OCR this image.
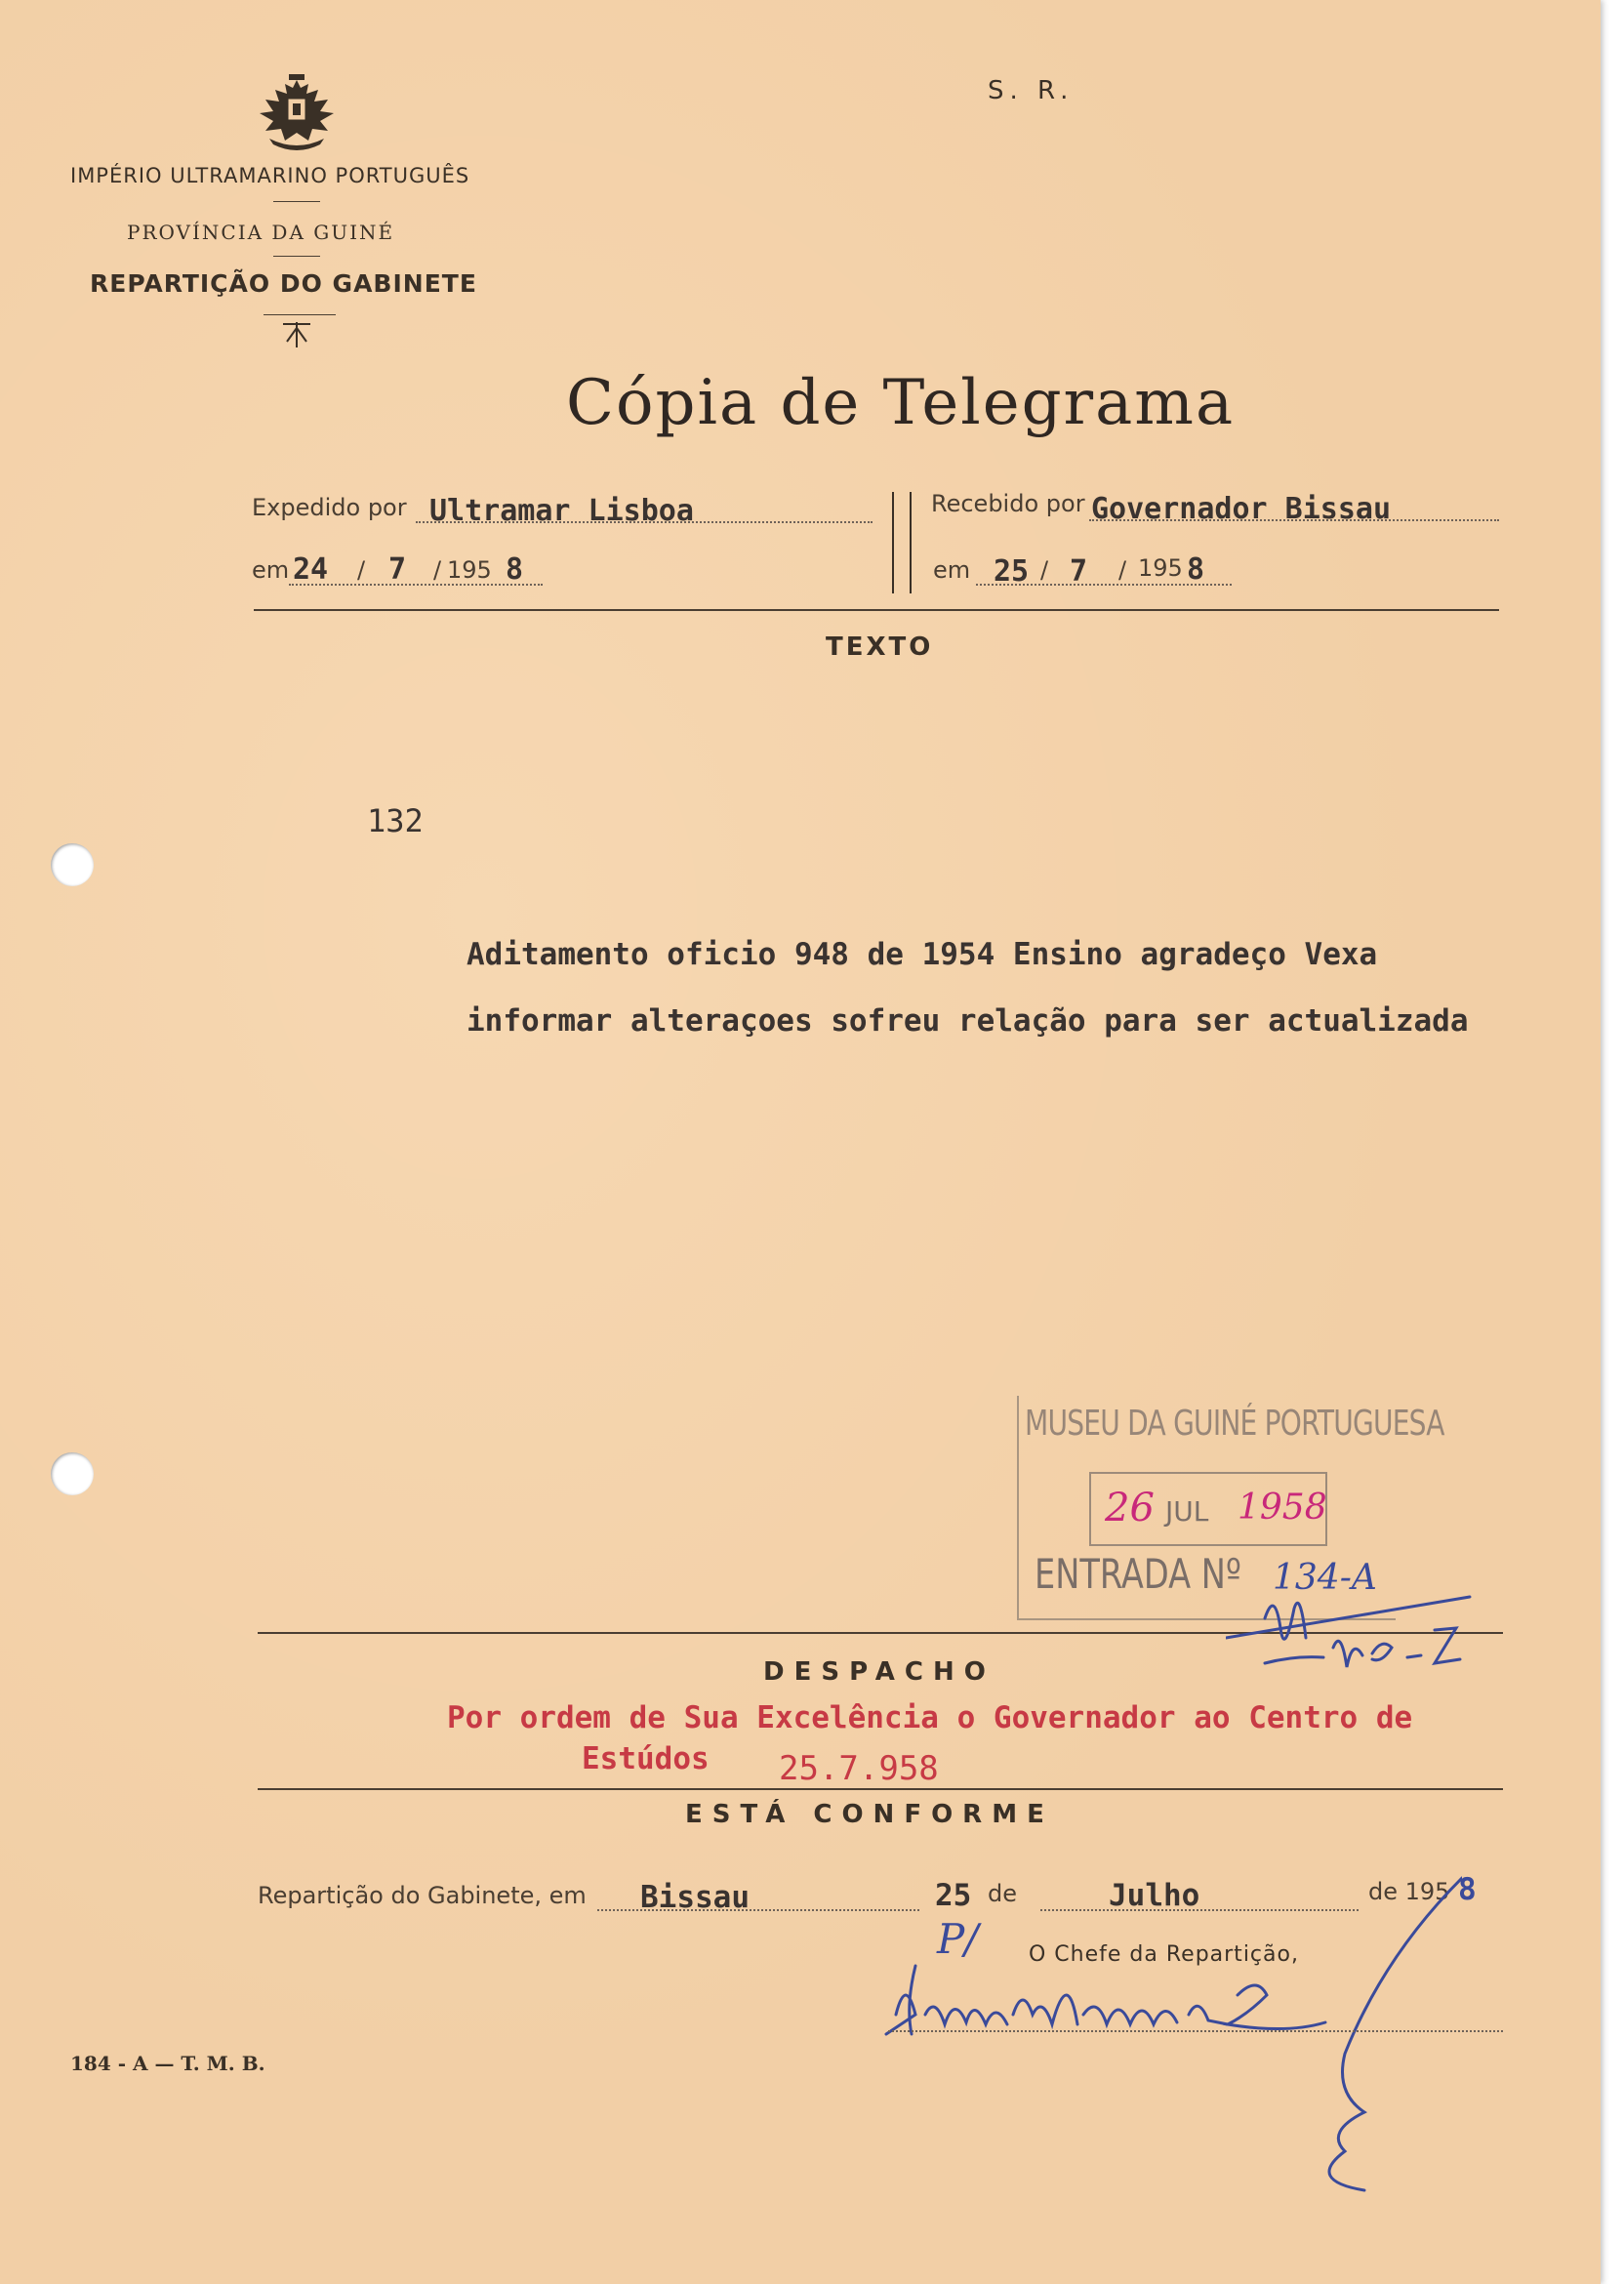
S. R.
IMPÉRIO ULTRAMARINO PORTUGUÊS
PROVÍNCIA DA GUINÉ
REPARTIÇÃO DO GABINETE
Cópia de Telegrama
Expedido por Ultramar Lisboa
em 24 / 7 / 195 8
Recebido por Governador Bissau
em 25 / 7 / 195 8
TEXTO
132
Aditamento oficio 948 de 1954 Ensino agradeço Vexa
informar alteraçoes sofreu relação para ser actualizada
MUSEU DA GUINÉ PORTUGUESA
26 JUL 1958
ENTRADA Nº 134-A
DESPACHO
Por ordem de Sua Excelência o Governador ao Centro de
Estúdos 25.7.958
ESTÁ CONFORME
Repartição do Gabinete, em Bissau	25 de	Julho	de 195 8
P/ O Chefe da Repartição,
184 - A — T. M. B.
